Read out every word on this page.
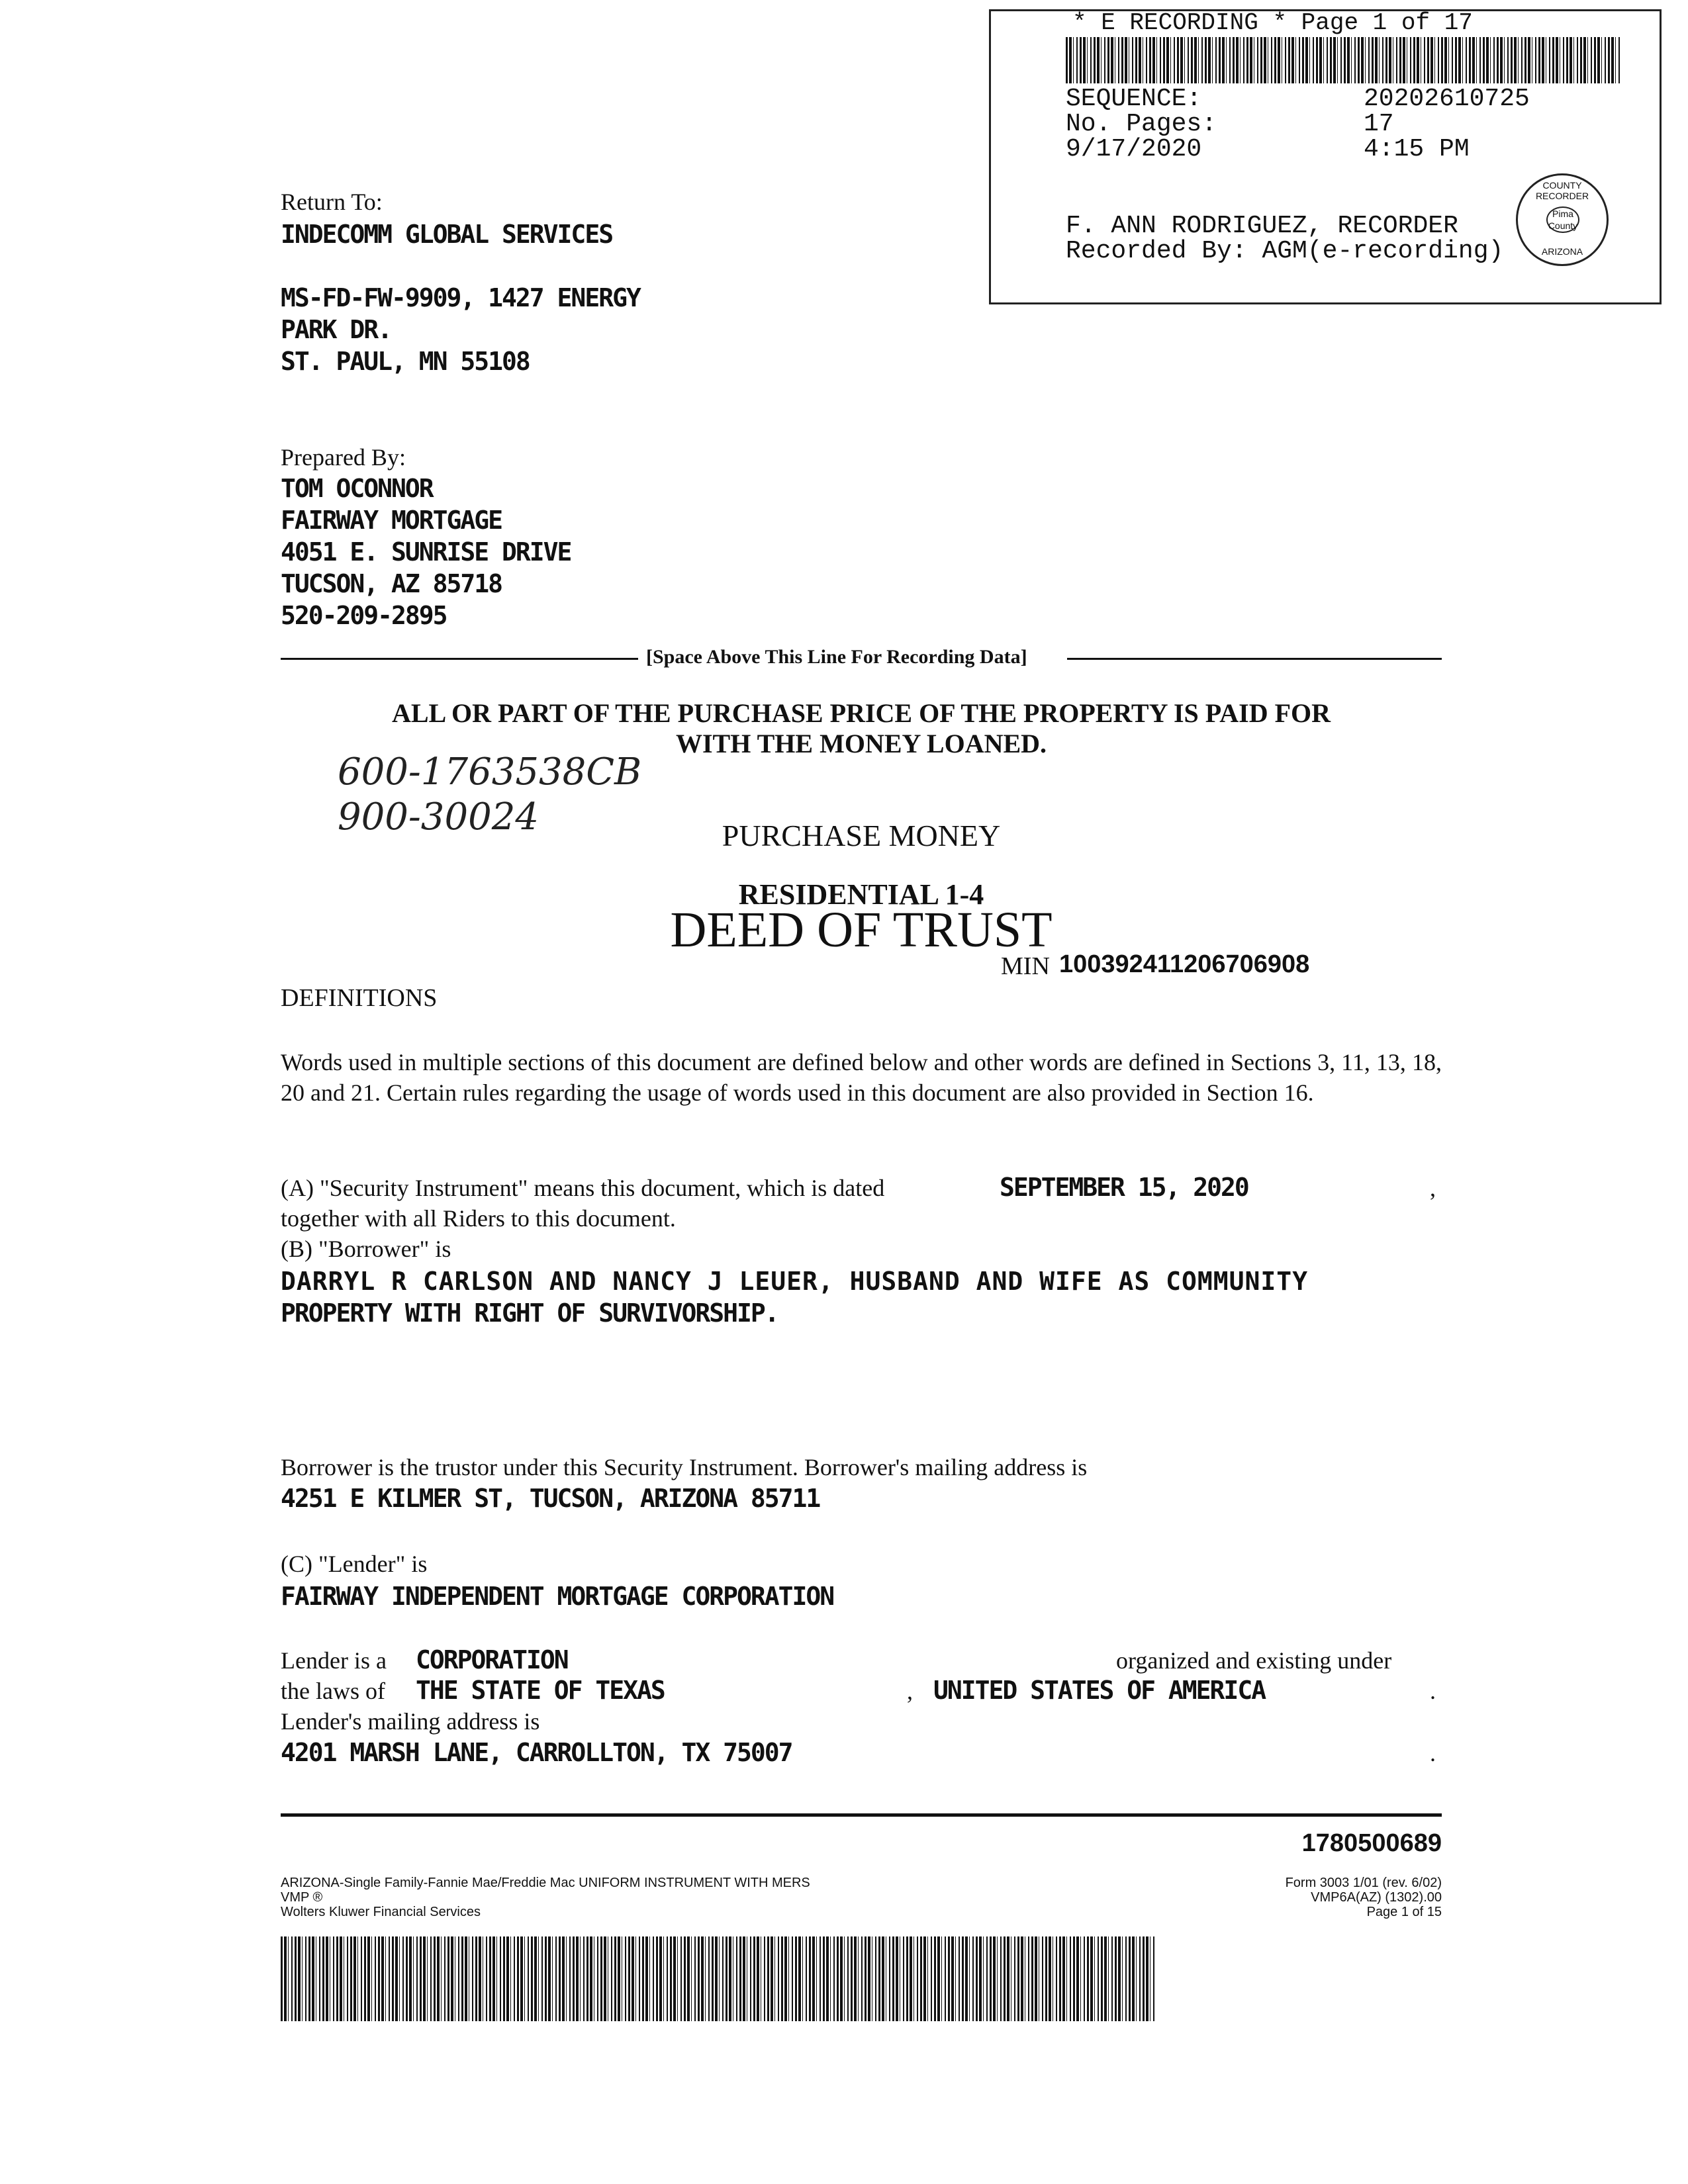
* E RECORDING * Page 1 of 17
SEQUENCE:	20202610725
No. Pages:	17
9/17/2020	4:15 PM
F. ANN RODRIGUEZ, RECORDER
Recorded By: AGM(e-recording)
COUNTY RECORDER
Pima County
ARIZONA
Return To:
INDECOMM GLOBAL SERVICES
MS-FD-FW-9909, 1427 ENERGY
PARK DR.
ST. PAUL, MN 55108
Prepared By:
TOM OCONNOR
FAIRWAY MORTGAGE
4051 E. SUNRISE DRIVE
TUCSON, AZ 85718
520-209-2895
[Space Above This Line For Recording Data]
ALL OR PART OF THE PURCHASE PRICE OF THE PROPERTY IS PAID FOR
WITH THE MONEY LOANED.
600-1763538CB
900-30024	PURCHASE MONEY
RESIDENTIAL 1-4
DEED OF TRUST
MIN 100392411206706908
DEFINITIONS
Words used in multiple sections of this document are defined below and other words are defined in Sections 3, 11, 13, 18, 20 and 21. Certain rules regarding the usage of words used in this document are also provided in Section 16.
(A) "Security Instrument" means this document, which is dated	SEPTEMBER 15, 2020	,
together with all Riders to this document.
(B) "Borrower" is
DARRYL R CARLSON AND NANCY J LEUER, HUSBAND AND WIFE AS COMMUNITY
PROPERTY WITH RIGHT OF SURVIVORSHIP.
Borrower is the trustor under this Security Instrument. Borrower's mailing address is
4251 E KILMER ST, TUCSON, ARIZONA 85711
(C) "Lender" is
FAIRWAY INDEPENDENT MORTGAGE CORPORATION
Lender is a CORPORATION	organized and existing under
the laws of THE STATE OF TEXAS	, UNITED STATES OF AMERICA	.
Lender's mailing address is
4201 MARSH LANE, CARROLLTON, TX 75007	.
1780500689
ARIZONA-Single Family-Fannie Mae/Freddie Mac UNIFORM INSTRUMENT WITH MERS
VMP ®
Wolters Kluwer Financial Services
Form 3003 1/01 (rev. 6/02)
VMP6A(AZ) (1302).00
Page 1 of 15
